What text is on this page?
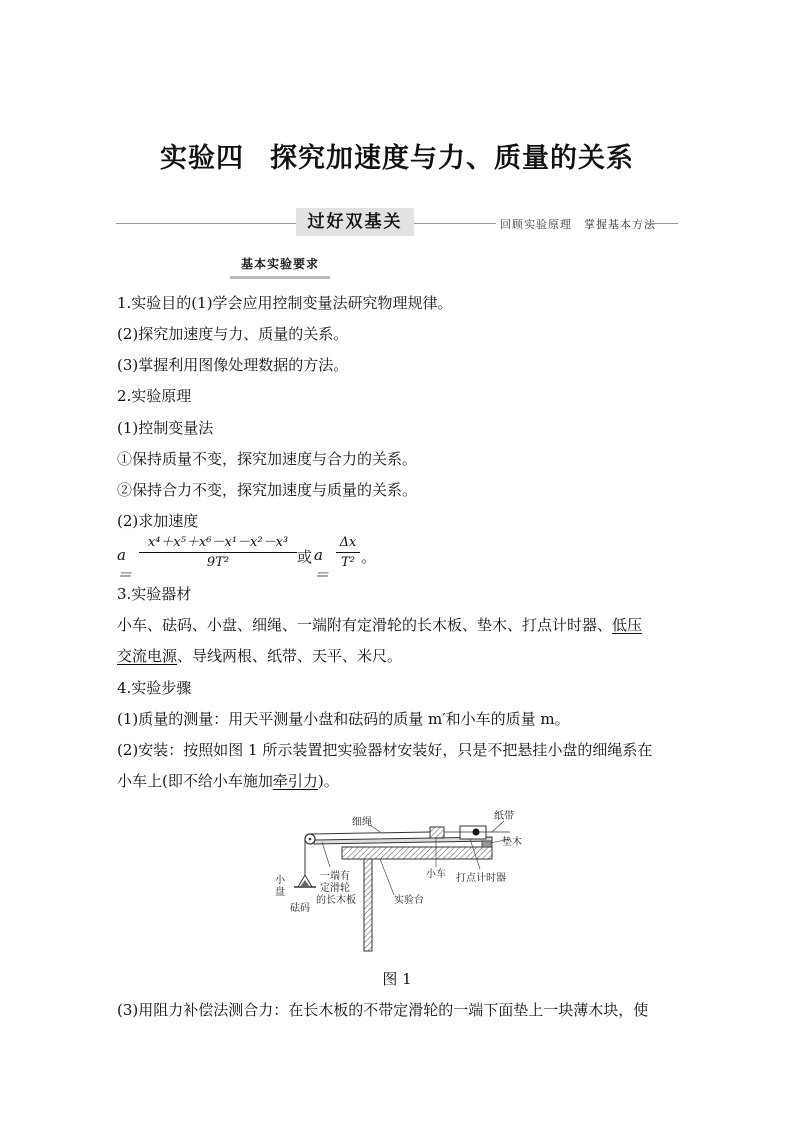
实验四 探究加速度与力、质量的关系
过好双基关	回顾实验原理　掌握基本方法
基本实验要求
1.实验目的(1)学会应用控制变量法研究物理规律。
(2)探究加速度与力、质量的关系。
(3)掌握利用图像处理数据的方法。
2.实验原理
(1)控制变量法
①保持质量不变，探究加速度与合力的关系。
②保持合力不变，探究加速度与质量的关系。
(2)求加速度
a＝
$\frac{\text{x⁴＋x⁵＋x⁶－x¹－x²－x³}}{\text{9T²}}$ 或 a＝
$\frac{\Delta x}{\text{T²}}$ 。
3.实验器材
小车、砝码、小盘、细绳、一端附有定滑轮的长木板、垫木、打点计时器、低压
交流电源、导线两根、纸带、天平、米尺。
4.实验步骤
(1)质量的测量：用天平测量小盘和砝码的质量 m′和小车的质量 m。
(2)安装：按照如图 1 所示装置把实验器材安装好，只是不把悬挂小盘的细绳系在
小车上(即不给小车施加牵引力)。
细绳
纸带
垫木
小
盘
砝码
一端有
定滑轮
的长木板
小车 打点计时器
实验台
图 1
(3)用阻力补偿法测合力：在长木板的不带定滑轮的一端下面垫上一块薄木块，使
